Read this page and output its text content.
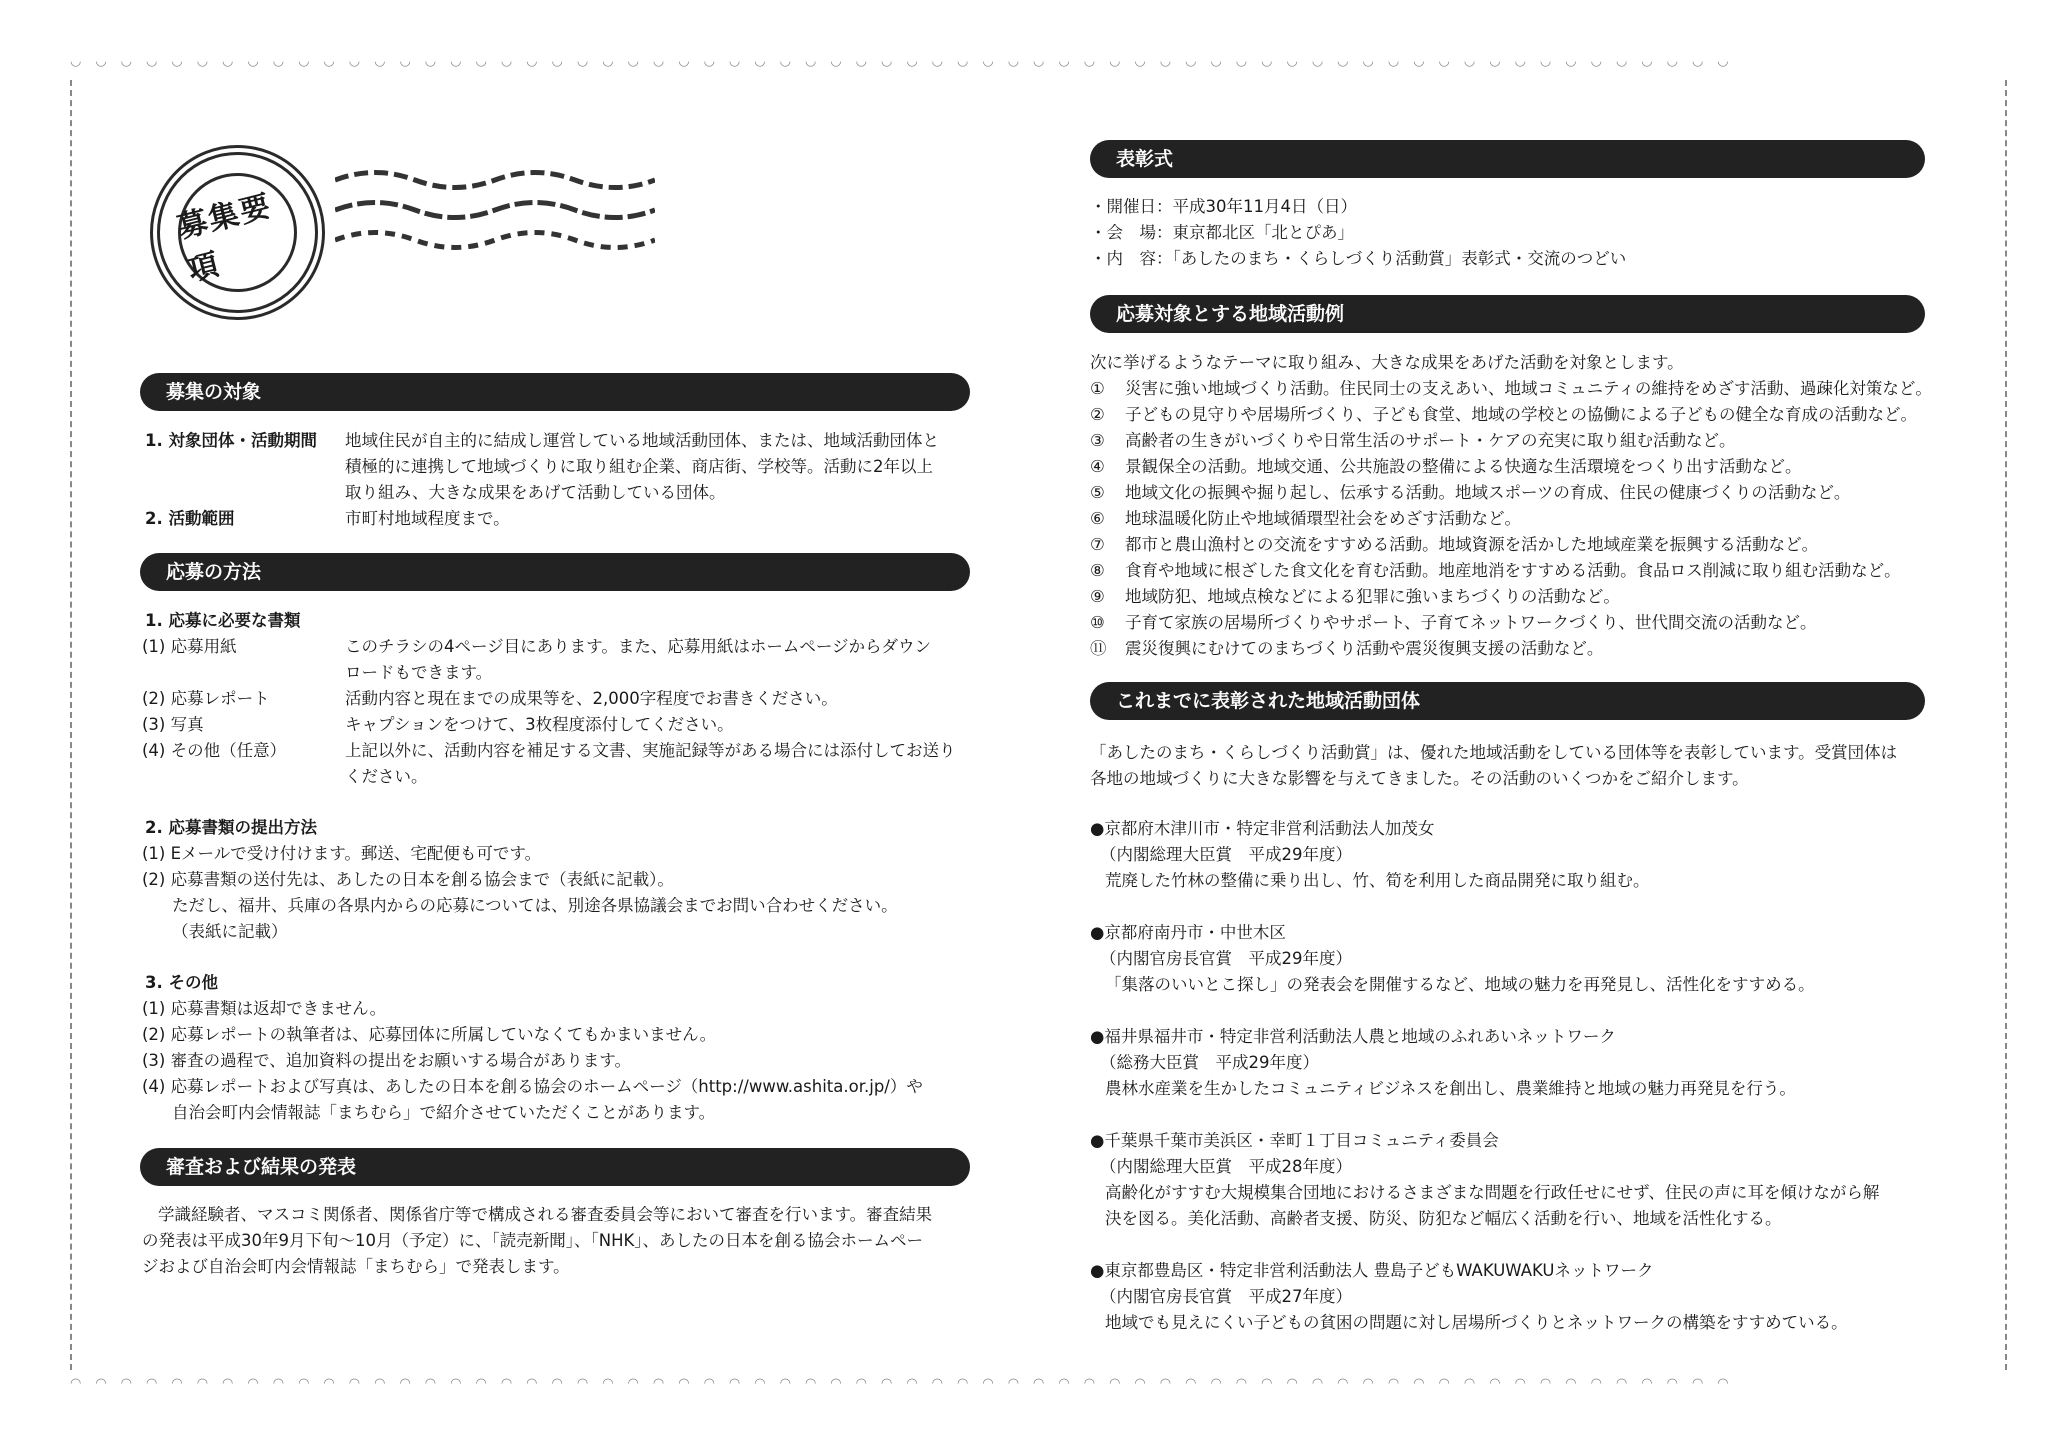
◡◡◡◡◡◡◡◡◡◡◡◡◡◡◡◡◡◡◡◡◡◡◡◡◡◡◡◡◡◡◡◡◡◡◡◡◡◡◡◡◡◡◡◡◡◡◡◡◡◡◡◡◡◡◡◡◡◡◡◡◡◡◡◡◡◡
◠◠◠◠◠◠◠◠◠◠◠◠◠◠◠◠◠◠◠◠◠◠◠◠◠◠◠◠◠◠◠◠◠◠◠◠◠◠◠◠◠◠◠◠◠◠◠◠◠◠◠◠◠◠◠◠◠◠◠◠◠◠◠◠◠◠
募集要項
募集の対象
1. 対象団体・活動期間 地域住民が自主的に結成し運営している地域活動団体、または、地域活動団体と
積極的に連携して地域づくりに取り組む企業、商店街、学校等。活動に2年以上
取り組み、大きな成果をあげて活動している団体。
2. 活動範囲	市町村地域程度まで。
応募の方法
1. 応募に必要な書類
(1) 応募用紙	このチラシの4ページ目にあります。また、応募用紙はホームページからダウン
ロードもできます。
(2) 応募レポート	活動内容と現在までの成果等を、2,000字程度でお書きください。
(3) 写真	キャプションをつけて、3枚程度添付してください。
(4) その他（任意）	上記以外に、活動内容を補足する文書、実施記録等がある場合には添付してお送り
ください。
2. 応募書類の提出方法
(1) Eメールで受け付けます。郵送、宅配便も可です。
(2) 応募書類の送付先は、あしたの日本を創る協会まで（表紙に記載）。
ただし、福井、兵庫の各県内からの応募については、別途各県協議会までお問い合わせください。
（表紙に記載）
3. その他
(1) 応募書類は返却できません。
(2) 応募レポートの執筆者は、応募団体に所属していなくてもかまいません。
(3) 審査の過程で、追加資料の提出をお願いする場合があります。
(4) 応募レポートおよび写真は、あしたの日本を創る協会のホームページ（http://www.ashita.or.jp/）や
自治会町内会情報誌「まちむら」で紹介させていただくことがあります。
審査および結果の発表
学識経験者、マスコミ関係者、関係省庁等で構成される審査委員会等において審査を行います。審査結果
の発表は平成30年9月下旬～10月（予定）に、「読売新聞」、「NHK」、あしたの日本を創る協会ホームペー
ジおよび自治会町内会情報誌「まちむら」で発表します。
表彰式
・開催日：平成30年11月4日（日）
・会　場：東京都北区「北とぴあ」
・内　容：「あしたのまち・くらしづくり活動賞」表彰式・交流のつどい
応募対象とする地域活動例
次に挙げるようなテーマに取り組み、大きな成果をあげた活動を対象とします。
① 災害に強い地域づくり活動。住民同士の支えあい、地域コミュニティの維持をめざす活動、過疎化対策など。
② 子どもの見守りや居場所づくり、子ども食堂、地域の学校との協働による子どもの健全な育成の活動など。
③ 高齢者の生きがいづくりや日常生活のサポート・ケアの充実に取り組む活動など。
④ 景観保全の活動。地域交通、公共施設の整備による快適な生活環境をつくり出す活動など。
⑤ 地域文化の振興や掘り起し、伝承する活動。地域スポーツの育成、住民の健康づくりの活動など。
⑥ 地球温暖化防止や地域循環型社会をめざす活動など。
⑦ 都市と農山漁村との交流をすすめる活動。地域資源を活かした地域産業を振興する活動など。
⑧ 食育や地域に根ざした食文化を育む活動。地産地消をすすめる活動。食品ロス削減に取り組む活動など。
⑨ 地域防犯、地域点検などによる犯罪に強いまちづくりの活動など。
⑩ 子育て家族の居場所づくりやサポート、子育てネットワークづくり、世代間交流の活動など。
⑪ 震災復興にむけてのまちづくり活動や震災復興支援の活動など。
これまでに表彰された地域活動団体
「あしたのまち・くらしづくり活動賞」は、優れた地域活動をしている団体等を表彰しています。受賞団体は
各地の地域づくりに大きな影響を与えてきました。その活動のいくつかをご紹介します。
●京都府木津川市・特定非営利活動法人加茂女
（内閣総理大臣賞　平成29年度）
荒廃した竹林の整備に乗り出し、竹、筍を利用した商品開発に取り組む。
●京都府南丹市・中世木区
（内閣官房長官賞　平成29年度）
「集落のいいとこ探し」の発表会を開催するなど、地域の魅力を再発見し、活性化をすすめる。
●福井県福井市・特定非営利活動法人農と地域のふれあいネットワーク
（総務大臣賞　平成29年度）
農林水産業を生かしたコミュニティビジネスを創出し、農業維持と地域の魅力再発見を行う。
●千葉県千葉市美浜区・幸町１丁目コミュニティ委員会
（内閣総理大臣賞　平成28年度）
高齢化がすすむ大規模集合団地におけるさまざまな問題を行政任せにせず、住民の声に耳を傾けながら解
決を図る。美化活動、高齢者支援、防災、防犯など幅広く活動を行い、地域を活性化する。
●東京都豊島区・特定非営利活動法人 豊島子どもWAKUWAKUネットワーク
（内閣官房長官賞　平成27年度）
地域でも見えにくい子どもの貧困の問題に対し居場所づくりとネットワークの構築をすすめている。
